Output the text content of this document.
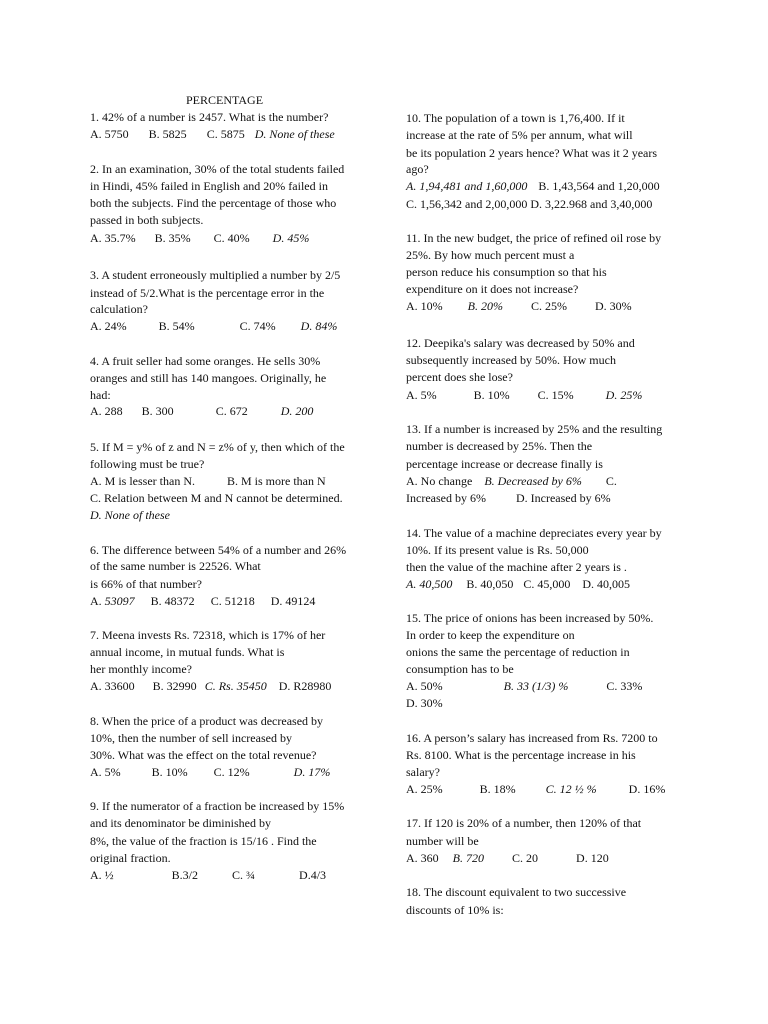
PERCENTAGE
1. 42% of a number is 2457. What is the number?
A. 5750 B. 5825 C. 5875 D. None of these
2. In an examination, 30% of the total students failed
in Hindi, 45% failed in English and 20% failed in
both the subjects. Find the percentage of those who
passed in both subjects.
A. 35.7% B. 35% C. 40% D. 45%
3. A student erroneously multiplied a number by 2/5
instead of 5/2.What is the percentage error in the
calculation?
A. 24%	B. 54%	C. 74% D. 84%
4. A fruit seller had some oranges. He sells 30%
oranges and still has 140 mangoes. Originally, he
had:
A. 288 B. 300	C. 672	D. 200
5. If M = y% of z and N = z% of y, then which of the
following must be true?
A. M is lesser than N.	B. M is more than N
C. Relation between M and N cannot be determined.
D. None of these
6. The difference between 54% of a number and 26%
of the same number is 22526. What
is 66% of that number?
A. 53097 B. 48372 C. 51218 D. 49124
7. Meena invests Rs. 72318, which is 17% of her
annual income, in mutual funds. What is
her monthly income?
A. 33600 B. 32990 C. Rs. 35450 D. R28980
8. When the price of a product was decreased by
10%, then the number of sell increased by
30%. What was the effect on the total revenue?
A. 5%	B. 10% C. 12%	D. 17%
9. If the numerator of a fraction be increased by 15%
and its denominator be diminished by
8%, the value of the fraction is 15/16 . Find the
original fraction.
A. ½	B.3/2	C. ¾	D.4/3
10. The population of a town is 1,76,400. If it
increase at the rate of 5% per annum, what will
be its population 2 years hence? What was it 2 years
ago?
A. 1,94,481 and 1,60,000 B. 1,43,564 and 1,20,000
C. 1,56,342 and 2,00,000 D. 3,22.968 and 3,40,000
11. In the new budget, the price of refined oil rose by
25%. By how much percent must a
person reduce his consumption so that his
expenditure on it does not increase?
A. 10% B. 20% C. 25% D. 30%
12. Deepika's salary was decreased by 50% and
subsequently increased by 50%. How much
percent does she lose?
A. 5%	B. 10% C. 15%	D. 25%
13. If a number is increased by 25% and the resulting
number is decreased by 25%. Then the
percentage increase or decrease finally is
A. No change B. Decreased by 6% C.
Increased by 6%	D. Increased by 6%
14. The value of a machine depreciates every year by
10%. If its present value is Rs. 50,000
then the value of the machine after 2 years is .
A. 40,500 B. 40,050 C. 45,000 D. 40,005
15. The price of onions has been increased by 50%.
In order to keep the expenditure on
onions the same the percentage of reduction in
consumption has to be
A. 50%	B. 33 (1/3) %	C. 33%
D. 30%
16. A person’s salary has increased from Rs. 7200 to
Rs. 8100. What is the percentage increase in his
salary?
A. 25%	B. 18%	C. 12 ½ %	D. 16%
17. If 120 is 20% of a number, then 120% of that
number will be
A. 360 B. 720 C. 20	D. 120
18. The discount equivalent to two successive
discounts of 10% is:
